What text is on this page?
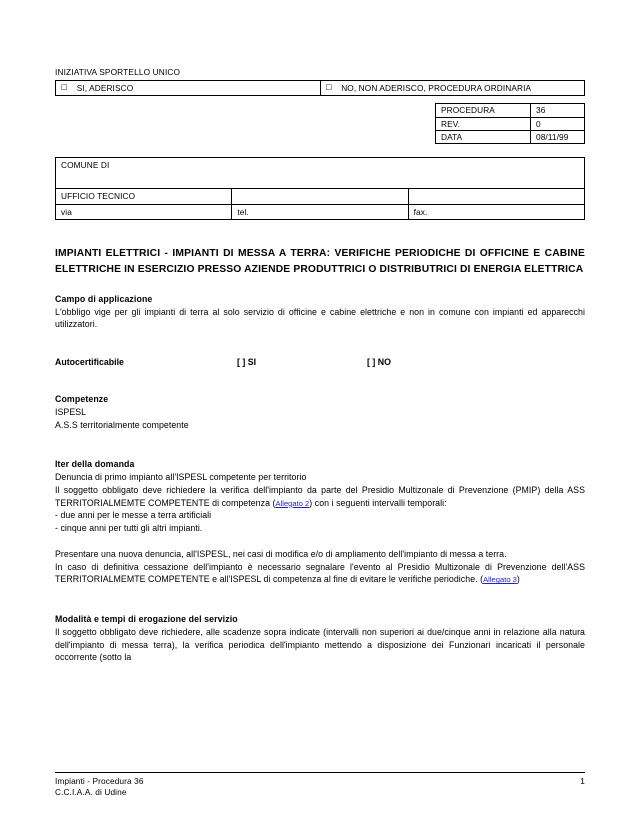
INIZIATIVA SPORTELLO UNICO
□ SI, ADERISCO	□ NO, NON ADERISCO, PROCEDURA ORDINARIA
PROCEDURA	36
REV.	0
DATA	08/11/99
COMUNE DI		
UFFICIO TECNICO		
via	tel.	fax.
IMPIANTI ELETTRICI - IMPIANTI DI MESSA A TERRA: VERIFICHE PERIODICHE DI OFFICINE E CABINE ELETTRICHE IN ESERCIZIO PRESSO AZIENDE PRODUTTRICI O DISTRIBUTRICI DI ENERGIA ELETTRICA
Campo di applicazione

L'obbligo vige per gli impianti di terra al solo servizio di officine e cabine elettriche e non in comune con impianti ed apparecchi utilizzatori.

Autocertificabile	[ ] SI	[ ] NO
Competenze

ISPESL

A.S.S territorialmente competente

Iter della domanda

Denuncia di primo impianto all'ISPESL competente per territorio

Il soggetto obbligato deve richiedere la verifica dell'impianto da parte del Presidio Multizonale di Prevenzione (PMIP) della ASS TERRITORIALMEMTE COMPETENTE di competenza (Allegato 2) con i seguenti intervalli temporali:

- due anni per le messe a terra artificiali

- cinque anni per tutti gli altri impianti.

Presentare una nuova denuncia, all'ISPESL, nei casi di modifica e/o di ampliamento dell'impianto di messa a terra.

In caso di definitiva cessazione dell'impianto è necessario segnalare l'evento al Presidio Multizonale di Prevenzione dell'ASS TERRITORIALMEMTE COMPETENTE e all'ISPESL di competenza al fine di evitare le verifiche periodiche. (Allegato 3)

Modalità e tempi di erogazione del servizio

Il soggetto obbligato deve richiedere, alle scadenze sopra indicate (intervalli non superiori ai due/cinque anni in relazione alla natura dell'impianto di messa terra), la verifica periodica dell'impianto mettendo a disposizione dei Funzionari incaricati il personale occorrente (sotto la

Impianti - Procedura 36
C.C.I.A.A. di Udine
1
